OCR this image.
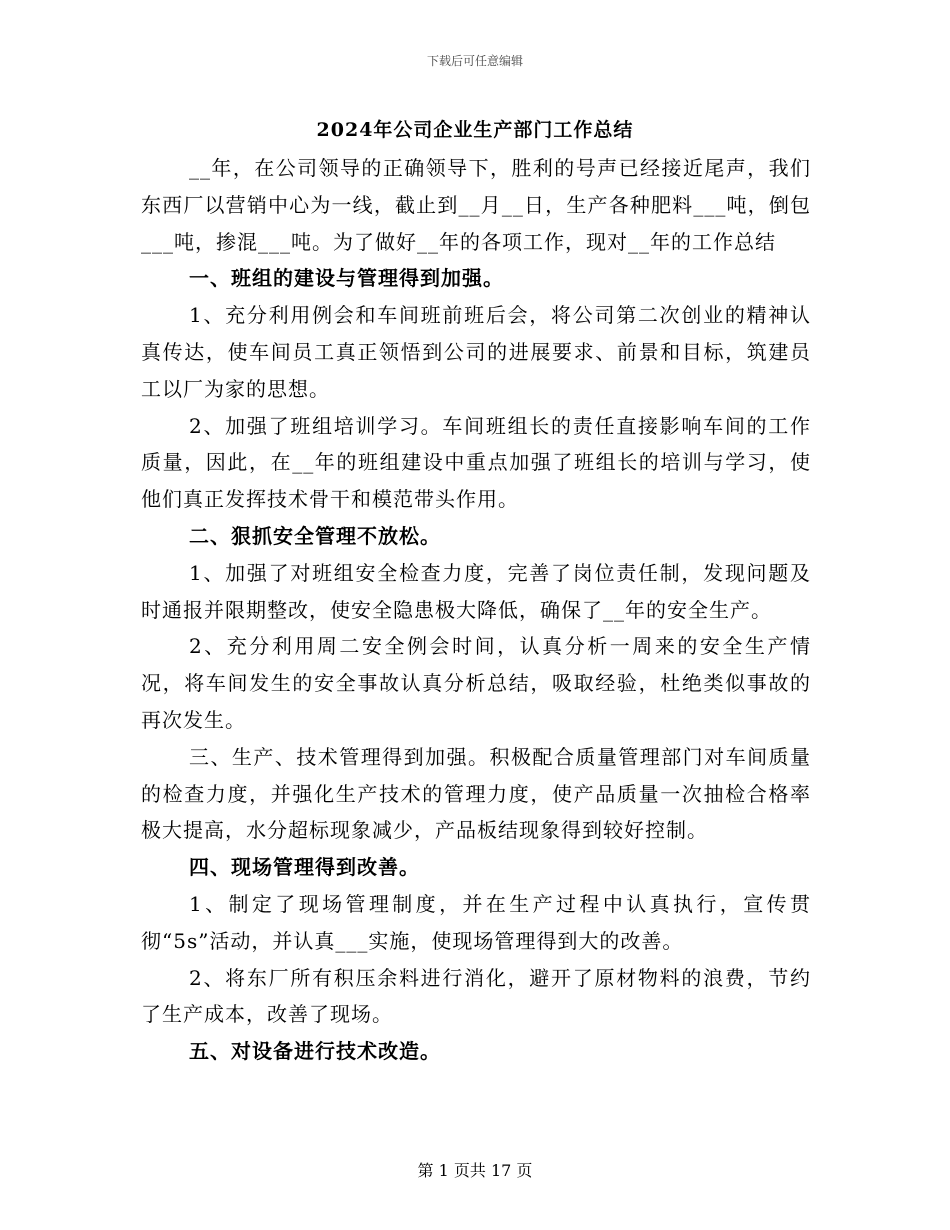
下载后可任意编辑
2024年公司企业生产部门工作总结

__年，在公司领导的正确领导下，胜利的号声已经接近尾声，我们东西厂以营销中心为一线，截止到__月__日，生产各种肥料___吨，倒包___吨，掺混___吨。为了做好__年的各项工作，现对__年的工作总结

一、班组的建设与管理得到加强。

1、充分利用例会和车间班前班后会，将公司第二次创业的精神认真传达，使车间员工真正领悟到公司的进展要求、前景和目标，筑建员工以厂为家的思想。

2、加强了班组培训学习。车间班组长的责任直接影响车间的工作质量，因此，在__年的班组建设中重点加强了班组长的培训与学习，使他们真正发挥技术骨干和模范带头作用。

二、狠抓安全管理不放松。

1、加强了对班组安全检查力度，完善了岗位责任制，发现问题及时通报并限期整改，使安全隐患极大降低，确保了__年的安全生产。

2、充分利用周二安全例会时间，认真分析一周来的安全生产情况，将车间发生的安全事故认真分析总结，吸取经验，杜绝类似事故的再次发生。

三、生产、技术管理得到加强。积极配合质量管理部门对车间质量的检查力度，并强化生产技术的管理力度，使产品质量一次抽检合格率极大提高，水分超标现象减少，产品板结现象得到较好控制。

四、现场管理得到改善。

1、制定了现场管理制度，并在生产过程中认真执行，宣传贯彻“5s”活动，并认真___实施，使现场管理得到大的改善。

2、将东厂所有积压余料进行消化，避开了原材物料的浪费，节约了生产成本，改善了现场。

五、对设备进行技术改造。

第 1 页共 17 页
